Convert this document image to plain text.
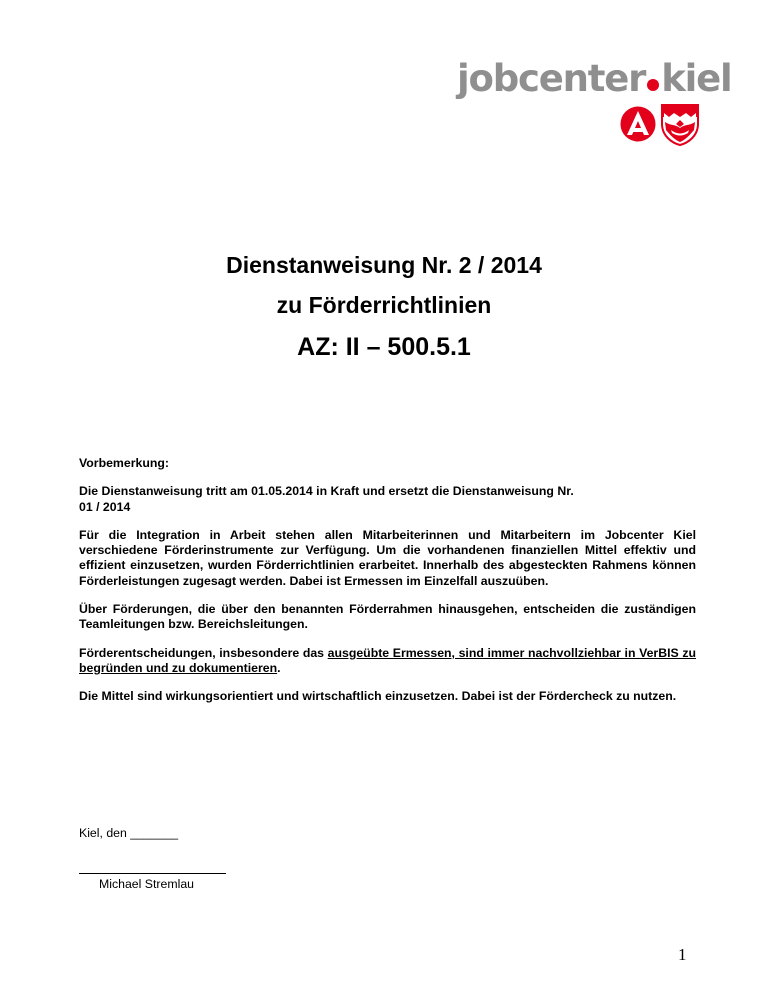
jobcenter kiel
Dienstanweisung Nr. 2 / 2014
zu Förderrichtlinien
AZ: II – 500.5.1

Vorbemerkung:

Die Dienstanweisung tritt am 01.05.2014 in Kraft und ersetzt die Dienstanweisung Nr.
01 / 2014

Für die Integration in Arbeit stehen allen Mitarbeiterinnen und Mitarbeitern im Jobcenter Kiel verschiedene Förderinstrumente zur Verfügung. Um die vorhandenen finanziellen Mittel effektiv und effizient einzusetzen, wurden Förderrichtlinien erarbeitet. Innerhalb des abgesteckten Rahmens können Förderleistungen zugesagt werden. Dabei ist Ermessen im Einzelfall auszuüben.

Über Förderungen, die über den benannten Förderrahmen hinausgehen, entscheiden die zuständigen Teamleitungen bzw. Bereichsleitungen.

Förderentscheidungen, insbesondere das ausgeübte Ermessen, sind immer nachvollziehbar in VerBIS zu begründen und zu dokumentieren.

Die Mittel sind wirkungsorientiert und wirtschaftlich einzusetzen. Dabei ist der Fördercheck zu nutzen.

Kiel, den _______
Michael Stremlau
1
